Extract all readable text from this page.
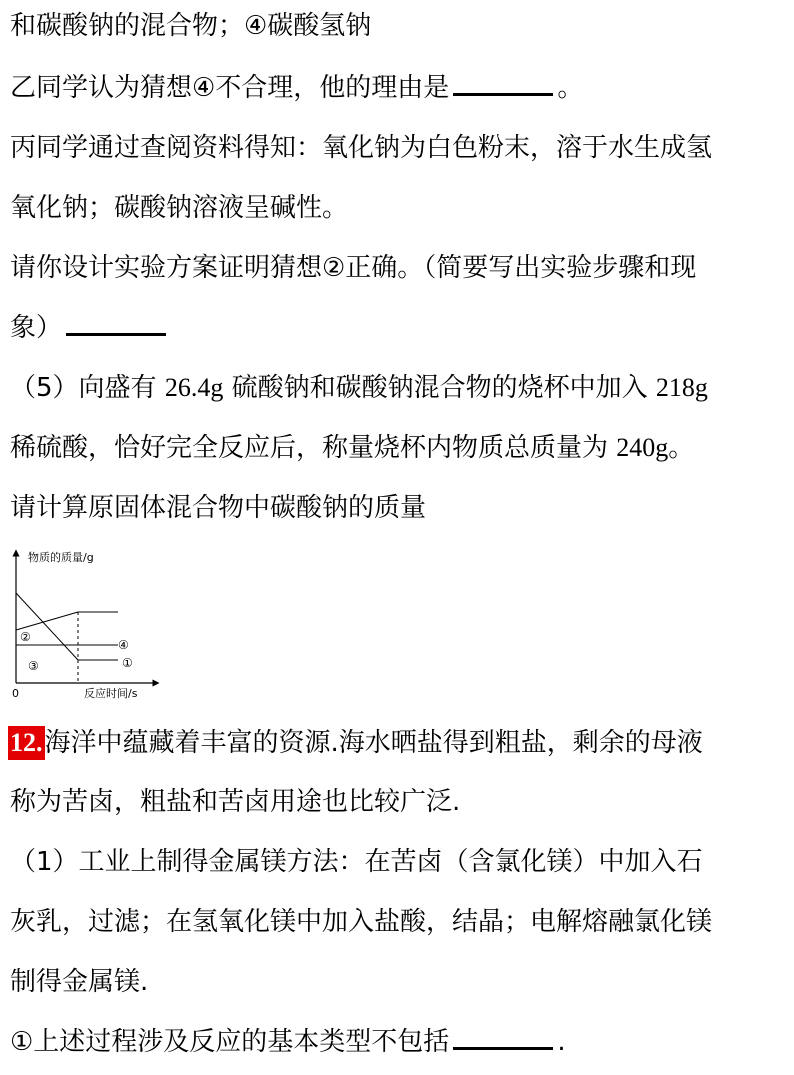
和碳酸钠的混合物；④碳酸氢钠
乙同学认为猜想④不合理，他的理由是	。
丙同学通过查阅资料得知：氧化钠为白色粉末，溶于水生成氢
氧化钠；碳酸钠溶液呈碱性。
请你设计实验方案证明猜想②正确。（简要写出实验步骤和现
象）
（5）向盛有 26.4g 硫酸钠和碳酸钠混合物的烧杯中加入 218g
稀硫酸，恰好完全反应后，称量烧杯内物质总质量为 240g。
请计算原固体混合物中碳酸钠的质量
物质的质量/g
反应时间/s
0
②
③
④
①
12.海洋中蕴藏着丰富的资源.海水晒盐得到粗盐，剩余的母液
称为苦卤，粗盐和苦卤用途也比较广泛.
（1）工业上制得金属镁方法：在苦卤（含氯化镁）中加入石
灰乳，过滤；在氢氧化镁中加入盐酸，结晶；电解熔融氯化镁
制得金属镁.
①上述过程涉及反应的基本类型不包括	.
